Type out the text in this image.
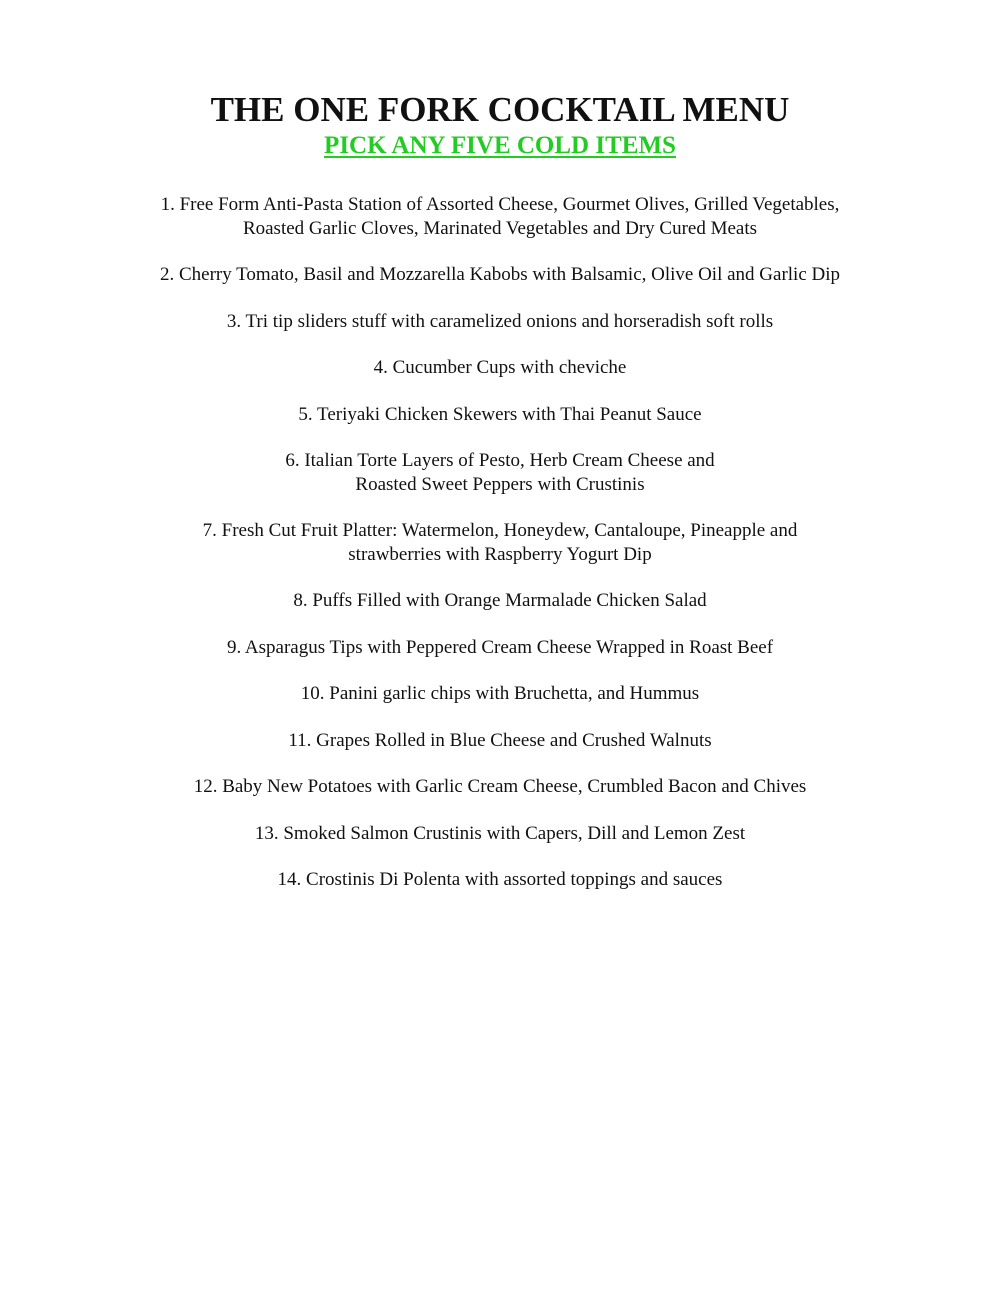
THE ONE FORK COCKTAIL MENU
PICK ANY FIVE COLD ITEMS
1. Free Form Anti-Pasta Station of Assorted Cheese, Gourmet Olives, Grilled Vegetables,
Roasted Garlic Cloves, Marinated Vegetables and Dry Cured Meats
2. Cherry Tomato, Basil and Mozzarella Kabobs with Balsamic, Olive Oil and Garlic Dip
3. Tri tip sliders stuff with caramelized onions and horseradish soft rolls
4. Cucumber Cups with cheviche
5. Teriyaki Chicken Skewers with Thai Peanut Sauce
6. Italian Torte Layers of Pesto, Herb Cream Cheese and
Roasted Sweet Peppers with Crustinis
7. Fresh Cut Fruit Platter: Watermelon, Honeydew, Cantaloupe, Pineapple and
strawberries with Raspberry Yogurt Dip
8. Puffs Filled with Orange Marmalade Chicken Salad
9. Asparagus Tips with Peppered Cream Cheese Wrapped in Roast Beef
10. Panini garlic chips with Bruchetta, and Hummus
11. Grapes Rolled in Blue Cheese and Crushed Walnuts
12. Baby New Potatoes with Garlic Cream Cheese, Crumbled Bacon and Chives
13. Smoked Salmon Crustinis with Capers, Dill and Lemon Zest
14. Crostinis Di Polenta with assorted toppings and sauces
